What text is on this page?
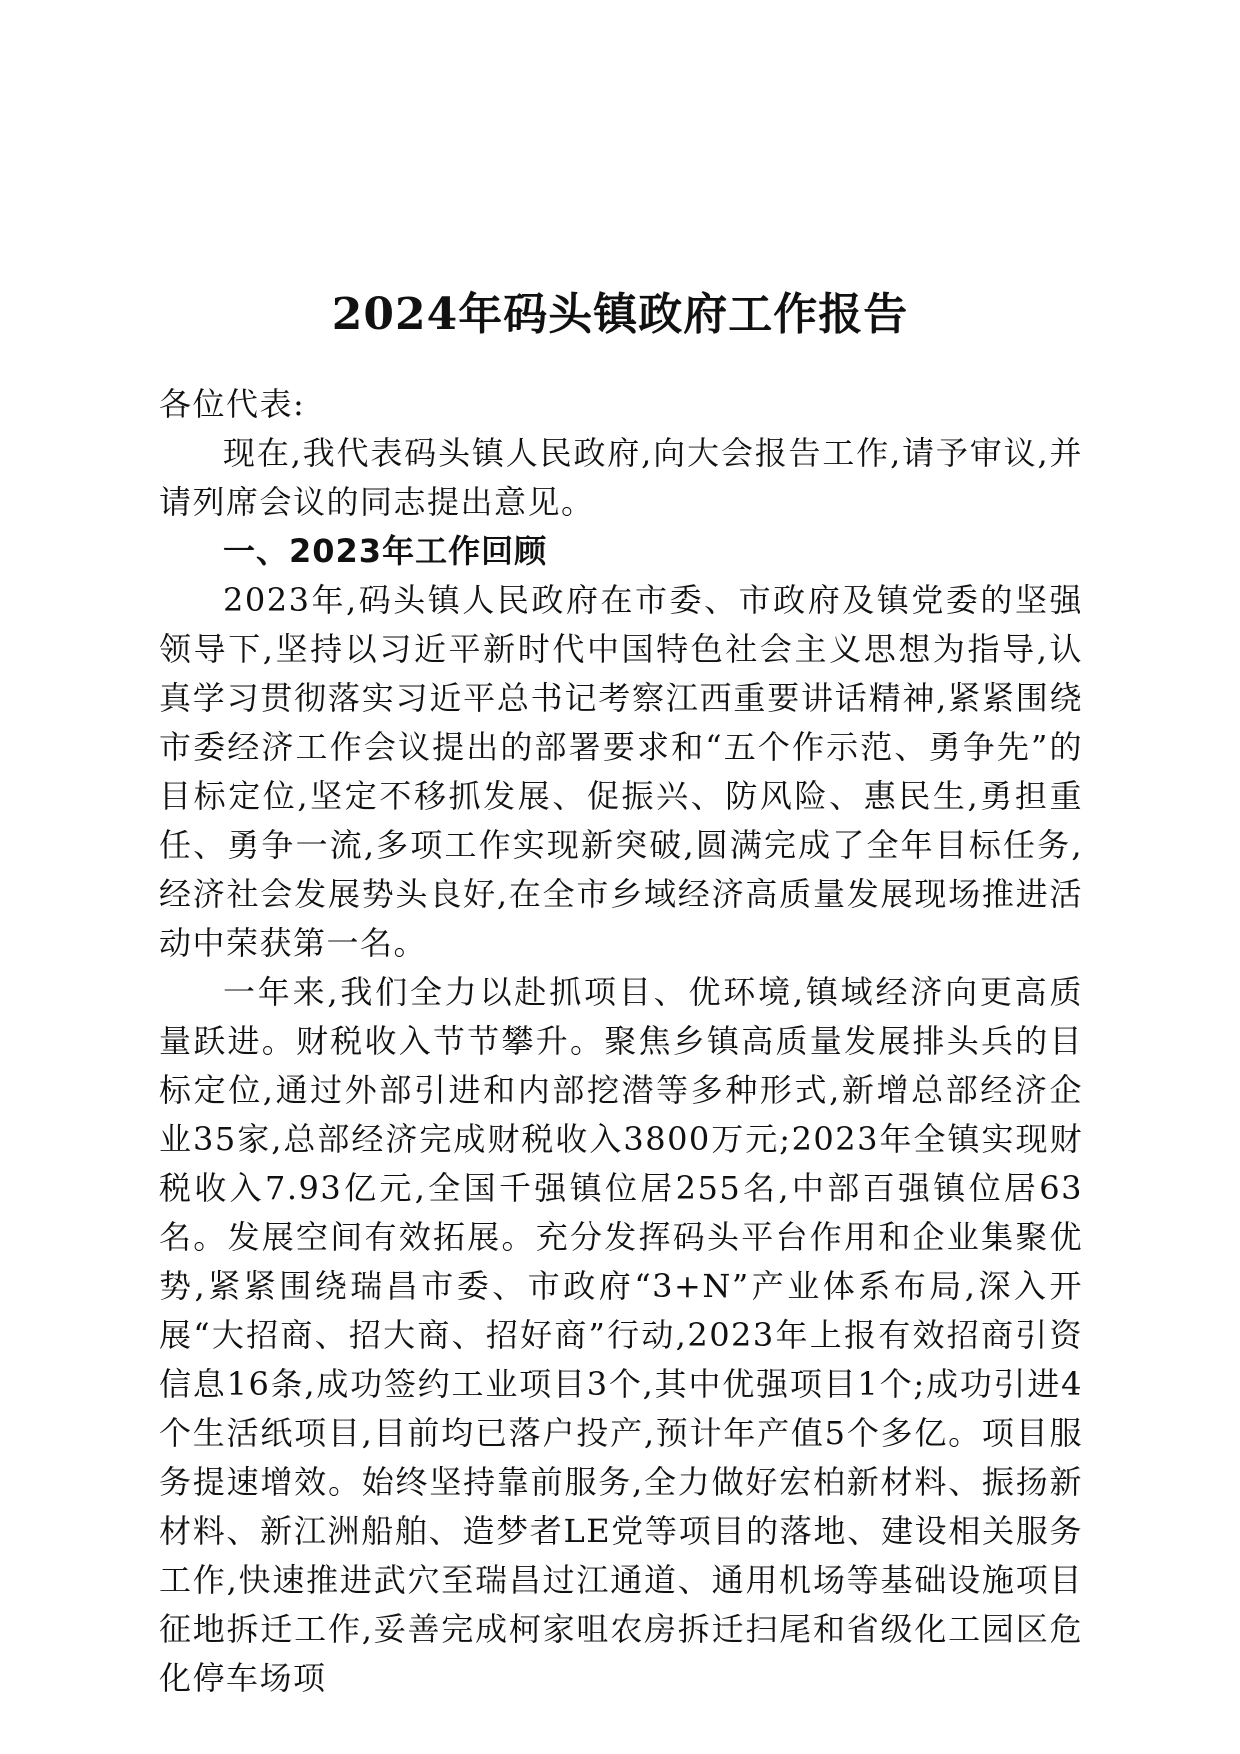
2024年码头镇政府工作报告

各位代表:

现在,我代表码头镇人民政府,向大会报告工作,请予审议,并请列席会议的同志提出意见。

一、2023年工作回顾

2023年,码头镇人民政府在市委、市政府及镇党委的坚强领导下,坚持以习近平新时代中国特色社会主义思想为指导,认真学习贯彻落实习近平总书记考察江西重要讲话精神,紧紧围绕市委经济工作会议提出的部署要求和“五个作示范、勇争先”的目标定位,坚定不移抓发展、促振兴、防风险、惠民生,勇担重任、勇争一流,多项工作实现新突破,圆满完成了全年目标任务,经济社会发展势头良好,在全市乡域经济高质量发展现场推进活动中荣获第一名。

一年来,我们全力以赴抓项目、优环境,镇域经济向更高质量跃进。财税收入节节攀升。聚焦乡镇高质量发展排头兵的目标定位,通过外部引进和内部挖潜等多种形式,新增总部经济企业35家,总部经济完成财税收入3800万元;2023年全镇实现财税收入7.93亿元,全国千强镇位居255名,中部百强镇位居63名。发展空间有效拓展。充分发挥码头平台作用和企业集聚优势,紧紧围绕瑞昌市委、市政府“3+N”产业体系布局,深入开展“大招商、招大商、招好商”行动,2023年上报有效招商引资信息16条,成功签约工业项目3个,其中优强项目1个;成功引进4个生活纸项目,目前均已落户投产,预计年产值5个多亿。项目服务提速增效。始终坚持靠前服务,全力做好宏柏新材料、振扬新材料、新江洲船舶、造梦者LE党等项目的落地、建设相关服务工作,快速推进武穴至瑞昌过江通道、通用机场等基础设施项目征地拆迁工作,妥善完成柯家咀农房拆迁扫尾和省级化工园区危化停车场项
